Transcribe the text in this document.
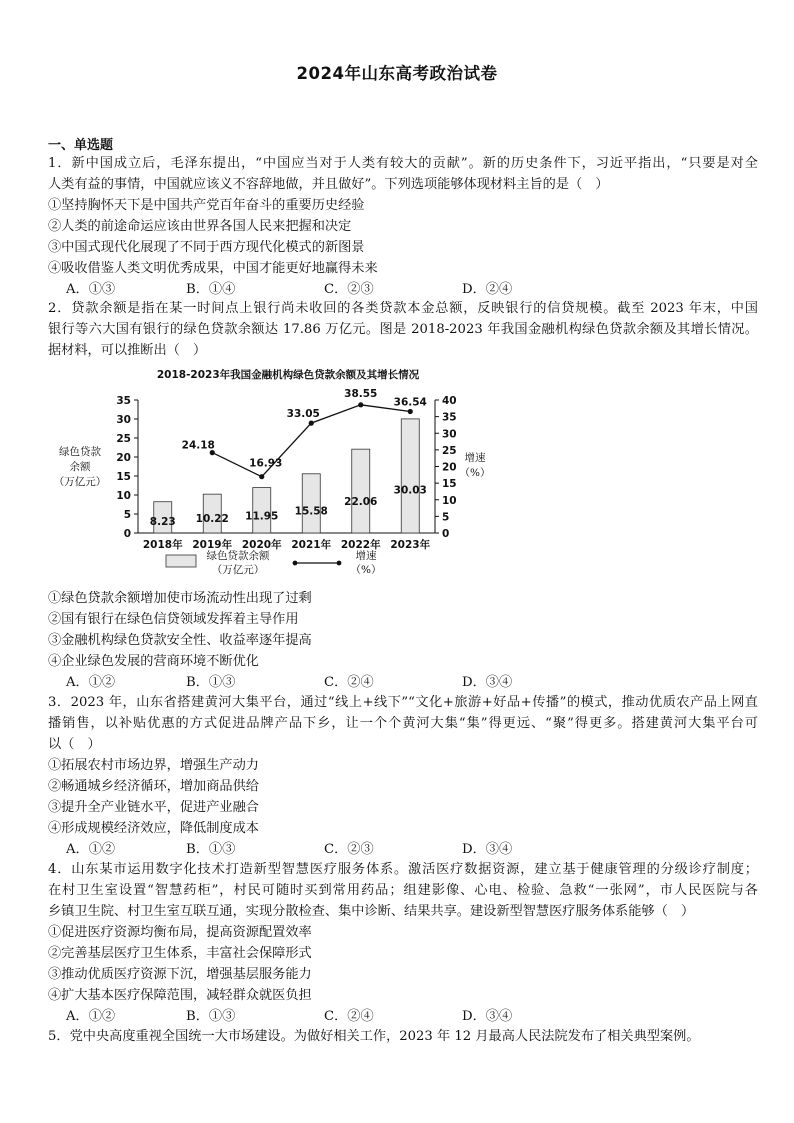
2024年山东高考政治试卷
一、单选题
1．新中国成立后，毛泽东提出，“中国应当对于人类有较大的贡献”。新的历史条件下，习近平指出，“只要是对全
人类有益的事情，中国就应该义不容辞地做，并且做好”。下列选项能够体现材料主旨的是（　）
①坚持胸怀天下是中国共产党百年奋斗的重要历史经验
②人类的前途命运应该由世界各国人民来把握和决定
③中国式现代化展现了不同于西方现代化模式的新图景
④吸收借鉴人类文明优秀成果，中国才能更好地赢得未来
A．①③	B．①④	C．②③	D．②④
2．贷款余额是指在某一时间点上银行尚未收回的各类贷款本金总额，反映银行的信贷规模。截至 2023 年末，中国
银行等六大国有银行的绿色贷款余额达 17.86 万亿元。图是 2018-2023 年我国金融机构绿色贷款余额及其增长情况。
据材料，可以推断出（　）
2018-2023年我国金融机构绿色贷款余额及其增长情况
0
5
10
15
20
25
30
35
0
5
10
15
20
25
30
35
40
绿色贷款
余额
（万亿元）
增速
（%）
8.23 10.22 11.95 15.58
22.06
30.03
2018年 2019年 2020年 2021年 2022年 2023年
24.18
16.93
33.05
38.55
36.54
绿色贷款余额
（万亿元）
增速
（%）
①绿色贷款余额增加使市场流动性出现了过剩
②国有银行在绿色信贷领域发挥着主导作用
③金融机构绿色贷款安全性、收益率逐年提高
④企业绿色发展的营商环境不断优化
A．①②	B．①③	C．②④	D．③④
3．2023 年，山东省搭建黄河大集平台，通过“线上+线下”“文化+旅游+好品+传播”的模式，推动优质农产品上网直
播销售，以补贴优惠的方式促进品牌产品下乡，让一个个黄河大集“集”得更远、“聚”得更多。搭建黄河大集平台可
以（　）
①拓展农村市场边界，增强生产动力
②畅通城乡经济循环，增加商品供给
③提升全产业链水平，促进产业融合
④形成规模经济效应，降低制度成本
A．①②	B．①③	C．②③	D．③④
4．山东某市运用数字化技术打造新型智慧医疗服务体系。激活医疗数据资源，建立基于健康管理的分级诊疗制度；
在村卫生室设置“智慧药柜”，村民可随时买到常用药品；组建影像、心电、检验、急救“一张网”，市人民医院与各
乡镇卫生院、村卫生室互联互通，实现分散检查、集中诊断、结果共享。建设新型智慧医疗服务体系能够（　）
①促进医疗资源均衡布局，提高资源配置效率
②完善基层医疗卫生体系，丰富社会保障形式
③推动优质医疗资源下沉，增强基层服务能力
④扩大基本医疗保障范围，减轻群众就医负担
A．①②	B．①③	C．②④	D．③④
5．党中央高度重视全国统一大市场建设。为做好相关工作，2023 年 12 月最高人民法院发布了相关典型案例。
